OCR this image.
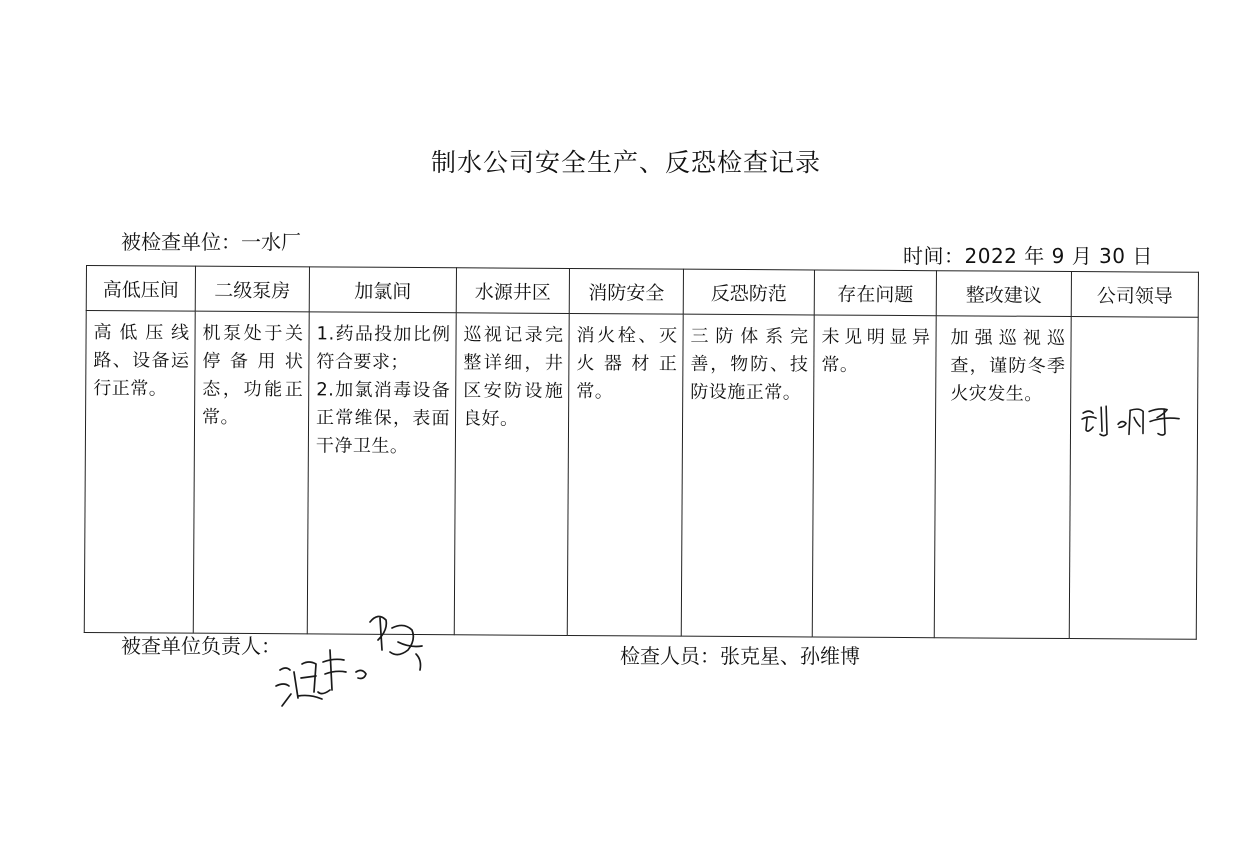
制水公司安全生产、反恐检查记录
被检查单位：一水厂
时间：2022 年 9 月 30 日
高低压间	二级泵房	加氯间	水源井区	消防安全	反恐防范	存在问题	整改建议	公司领导

高低压线路、设备运行正常。	机泵处于关停备用状态，功能正常。	1.药品投加比例符合要求；
2.加氯消毒设备正常维保，表面干净卫生。	巡视记录完整详细，井区安防设施良好。	消火栓、灭火器材正常。	三防体系完善，物防、技防设施正常。	未见明显异常。	加强巡视巡查，谨防冬季火灾发生。

被查单位负责人：	检查人员：张克星、孙维博
